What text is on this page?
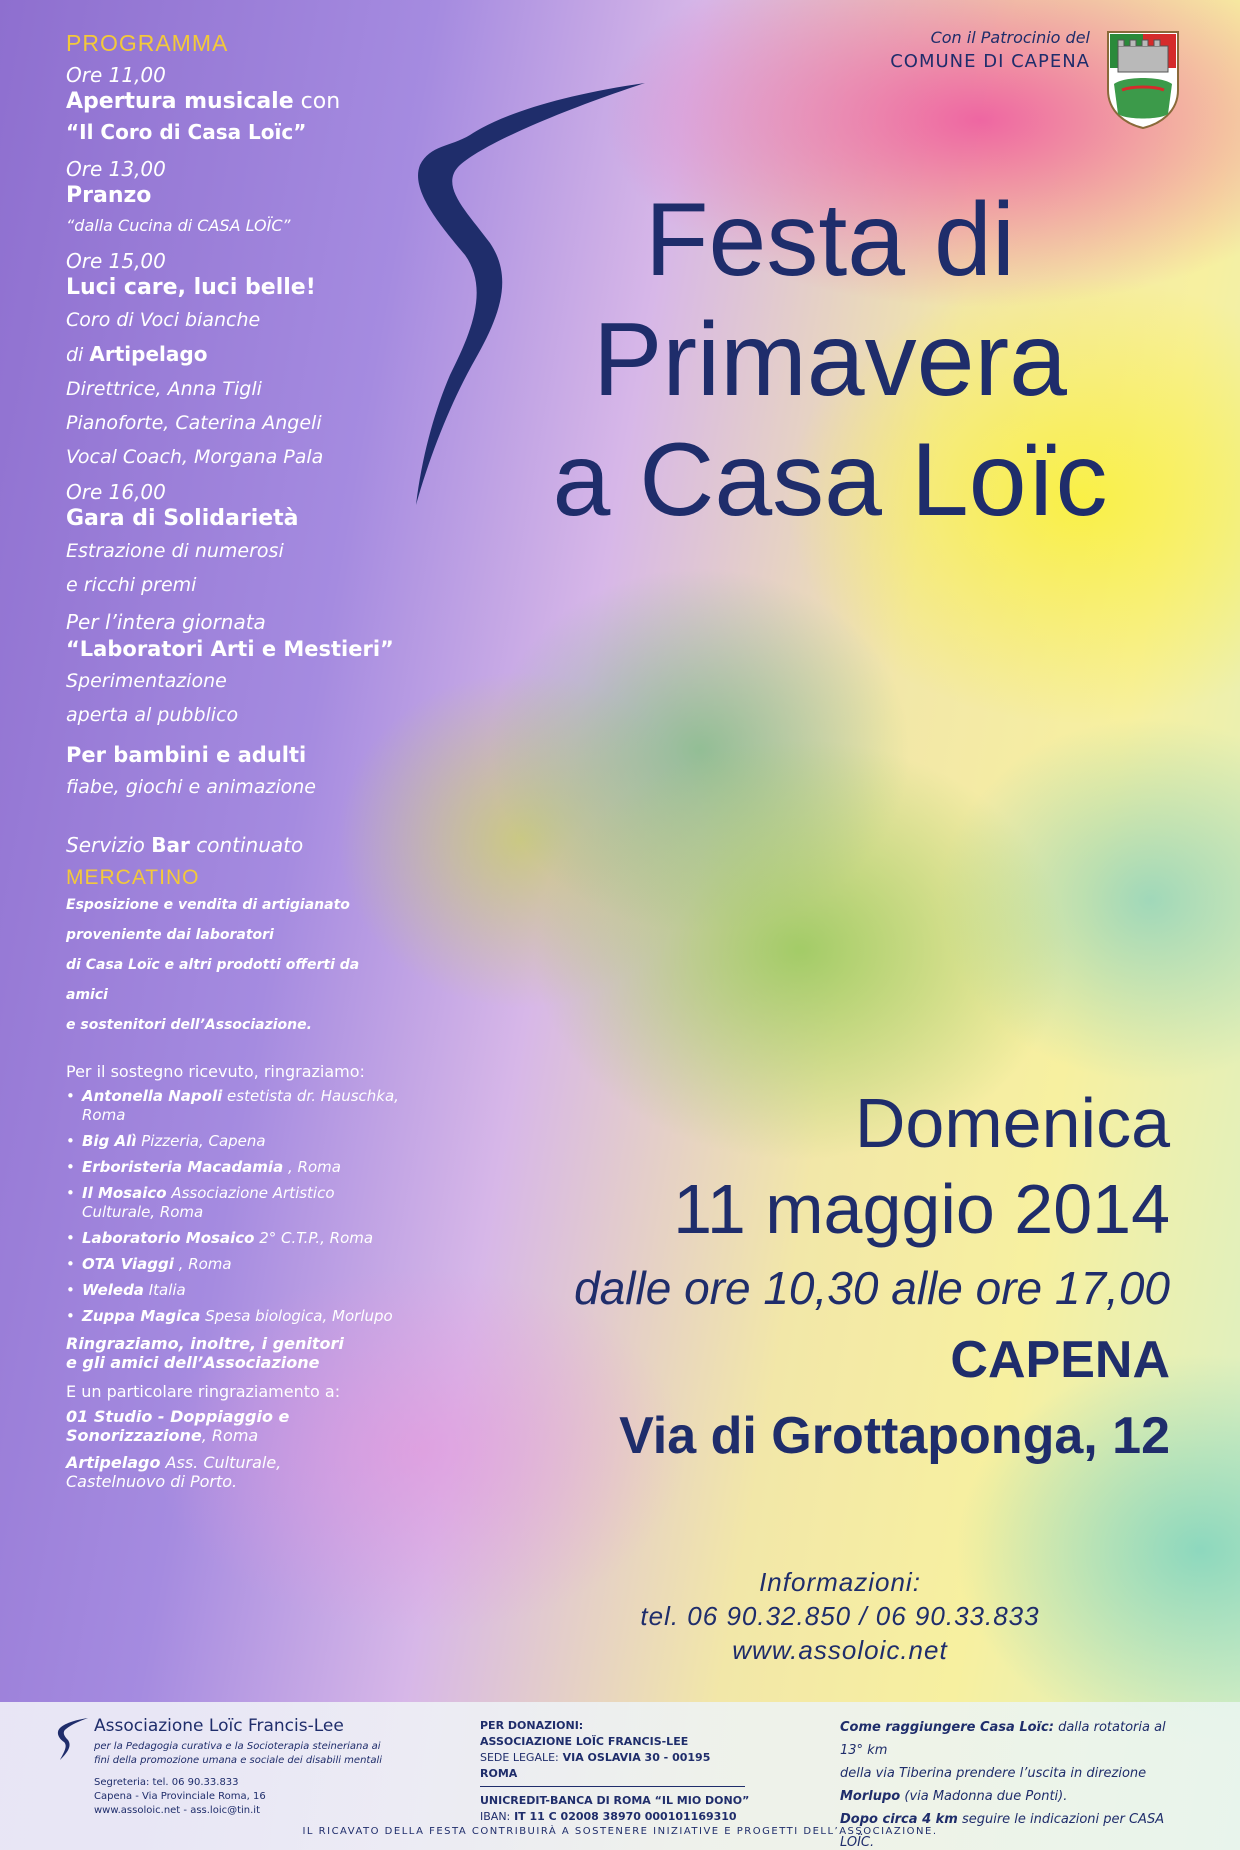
Con il Patrocinio del

COMUNE DI CAPENA

PROGRAMMA
Ore 11,00
Apertura musicale con
“Il Coro di Casa Loïc”
Ore 13,00
Pranzo
“dalla Cucina di CASA LOÏC”
Ore 15,00
Luci care, luci belle!
Coro di Voci bianche
di Artipelago
Direttrice, Anna Tigli
Pianoforte, Caterina Angeli
Vocal Coach, Morgana Pala
Ore 16,00
Gara di Solidarietà
Estrazione di numerosi
e ricchi premi
Per l’intera giornata
“Laboratori Arti e Mestieri”
Sperimentazione
aperta al pubblico
Per bambini e adulti
fiabe, giochi e animazione
Servizio Bar continuato
MERCATINO

Esposizione e vendita di artigianato

proveniente dai laboratori

di Casa Loïc e altri prodotti offerti da amici

e sostenitori dell’Associazione.

Per il sostegno ricevuto, ringraziamo:

• Antonella Napoli estetista dr. Hauschka, Roma
• Big Alì Pizzeria, Capena
• Erboristeria Macadamia , Roma
• Il Mosaico Associazione Artistico Culturale, Roma
• Laboratorio Mosaico 2° C.T.P., Roma
• OTA Viaggi , Roma
• Weleda Italia
• Zuppa Magica Spesa biologica, Morlupo

Ringraziamo, inoltre, i genitori

e gli amici dell’Associazione

E un particolare ringraziamento a:

01 Studio - Doppiaggio e

Sonorizzazione, Roma

Artipelago Ass. Culturale,

Castelnuovo di Porto.

Festa di
Primavera
a Casa Loïc

Domenica

11 maggio 2014

dalle ore 10,30 alle ore 17,00

CAPENA

Via di Grottaponga, 12

Informazioni:

tel. 06 90.32.850 / 06 90.33.833

www.assoloic.net

Associazione Loïc Francis-Lee

per la Pedagogia curativa e la Socioterapia steineriana ai

fini della promozione umana e sociale dei disabili mentali

Segreteria: tel. 06 90.33.833

Capena - Via Provinciale Roma, 16

www.assoloic.net - ass.loic@tin.it

PER DONAZIONI:

ASSOCIAZIONE LOÏC FRANCIS-LEE

SEDE LEGALE: VIA OSLAVIA 30 - 00195 ROMA

UNICREDIT-BANCA DI ROMA “IL MIO DONO”

IBAN: IT 11 C 02008 38970 000101169310

Come raggiungere Casa Loïc: dalla rotatoria al 13° km

della via Tiberina prendere l’uscita in direzione

Morlupo (via Madonna due Ponti).

Dopo circa 4 km seguire le indicazioni per CASA LOÏC.

IL RICAVATO DELLA FESTA CONTRIBUIRÀ A SOSTENERE INIZIATIVE E PROGETTI DELL’ASSOCIAZIONE.
